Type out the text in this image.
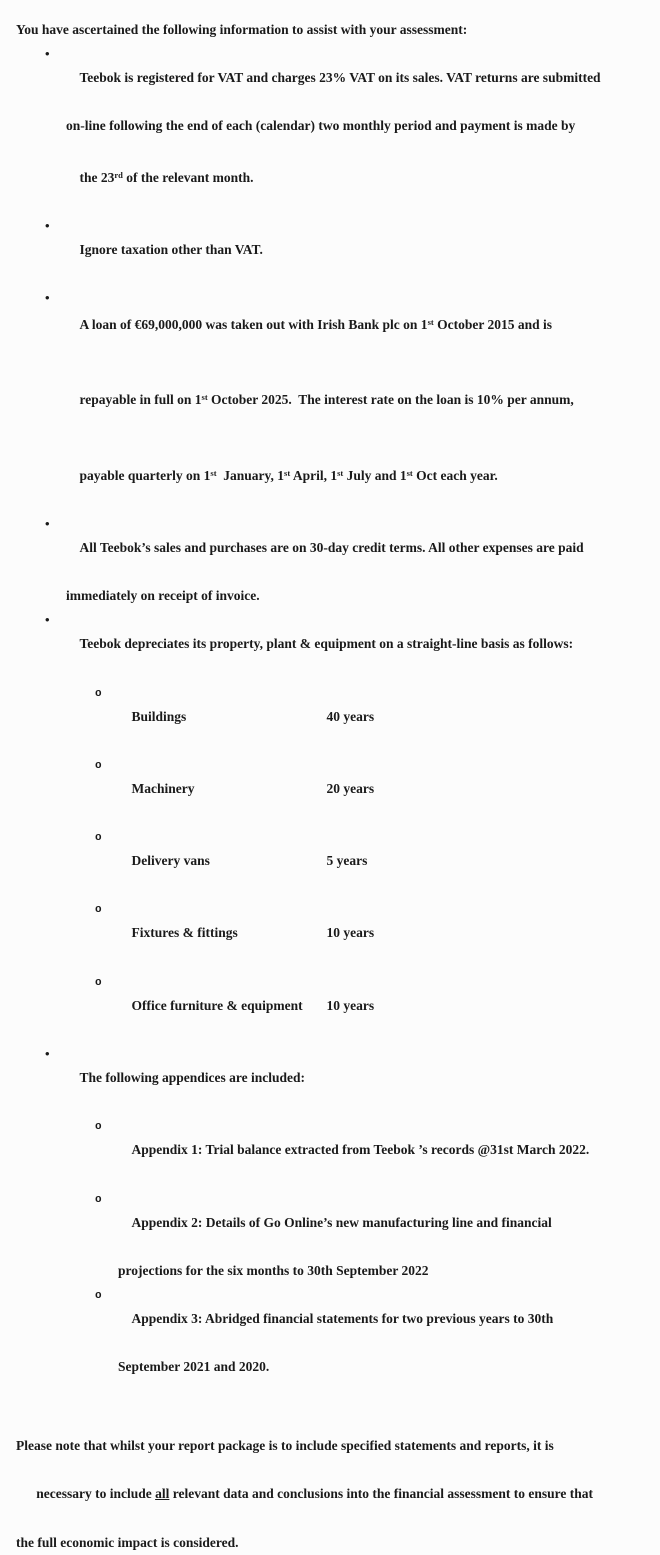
You have ascertained the following information to assist with your assessment:

•
Teebok is registered for VAT and charges 23% VAT on its sales. VAT returns are submitted

on-line following the end of each (calendar) two monthly period and payment is made by

the 23rd of the relevant month.

•
Ignore taxation other than VAT.

•
A loan of €69,000,000 was taken out with Irish Bank plc on 1st October 2015 and is

repayable in full on 1st October 2025.  The interest rate on the loan is 10% per annum,

payable quarterly on 1st  January, 1st April, 1st July and 1st Oct each year.

•
All Teebok’s sales and purchases are on 30-day credit terms. All other expenses are paid

immediately on receipt of invoice.

•
Teebok depreciates its property, plant & equipment on a straight-line basis as follows:

o
Buildings	40 years

o
Machinery	20 years

o
Delivery vans	5 years

o
Fixtures & fittings	10 years

o
Office furniture & equipment 10 years

•
The following appendices are included:

o
Appendix 1: Trial balance extracted from Teebok ’s records @31st March 2022.

o
Appendix 2: Details of Go Online’s new manufacturing line and financial

projections for the six months to 30th September 2022

o
Appendix 3: Abridged financial statements for two previous years to 30th

September 2021 and 2020.
Please note that whilst your report package is to include specified statements and reports, it is

necessary to include all relevant data and conclusions into the financial assessment to ensure that

the full economic impact is considered.
